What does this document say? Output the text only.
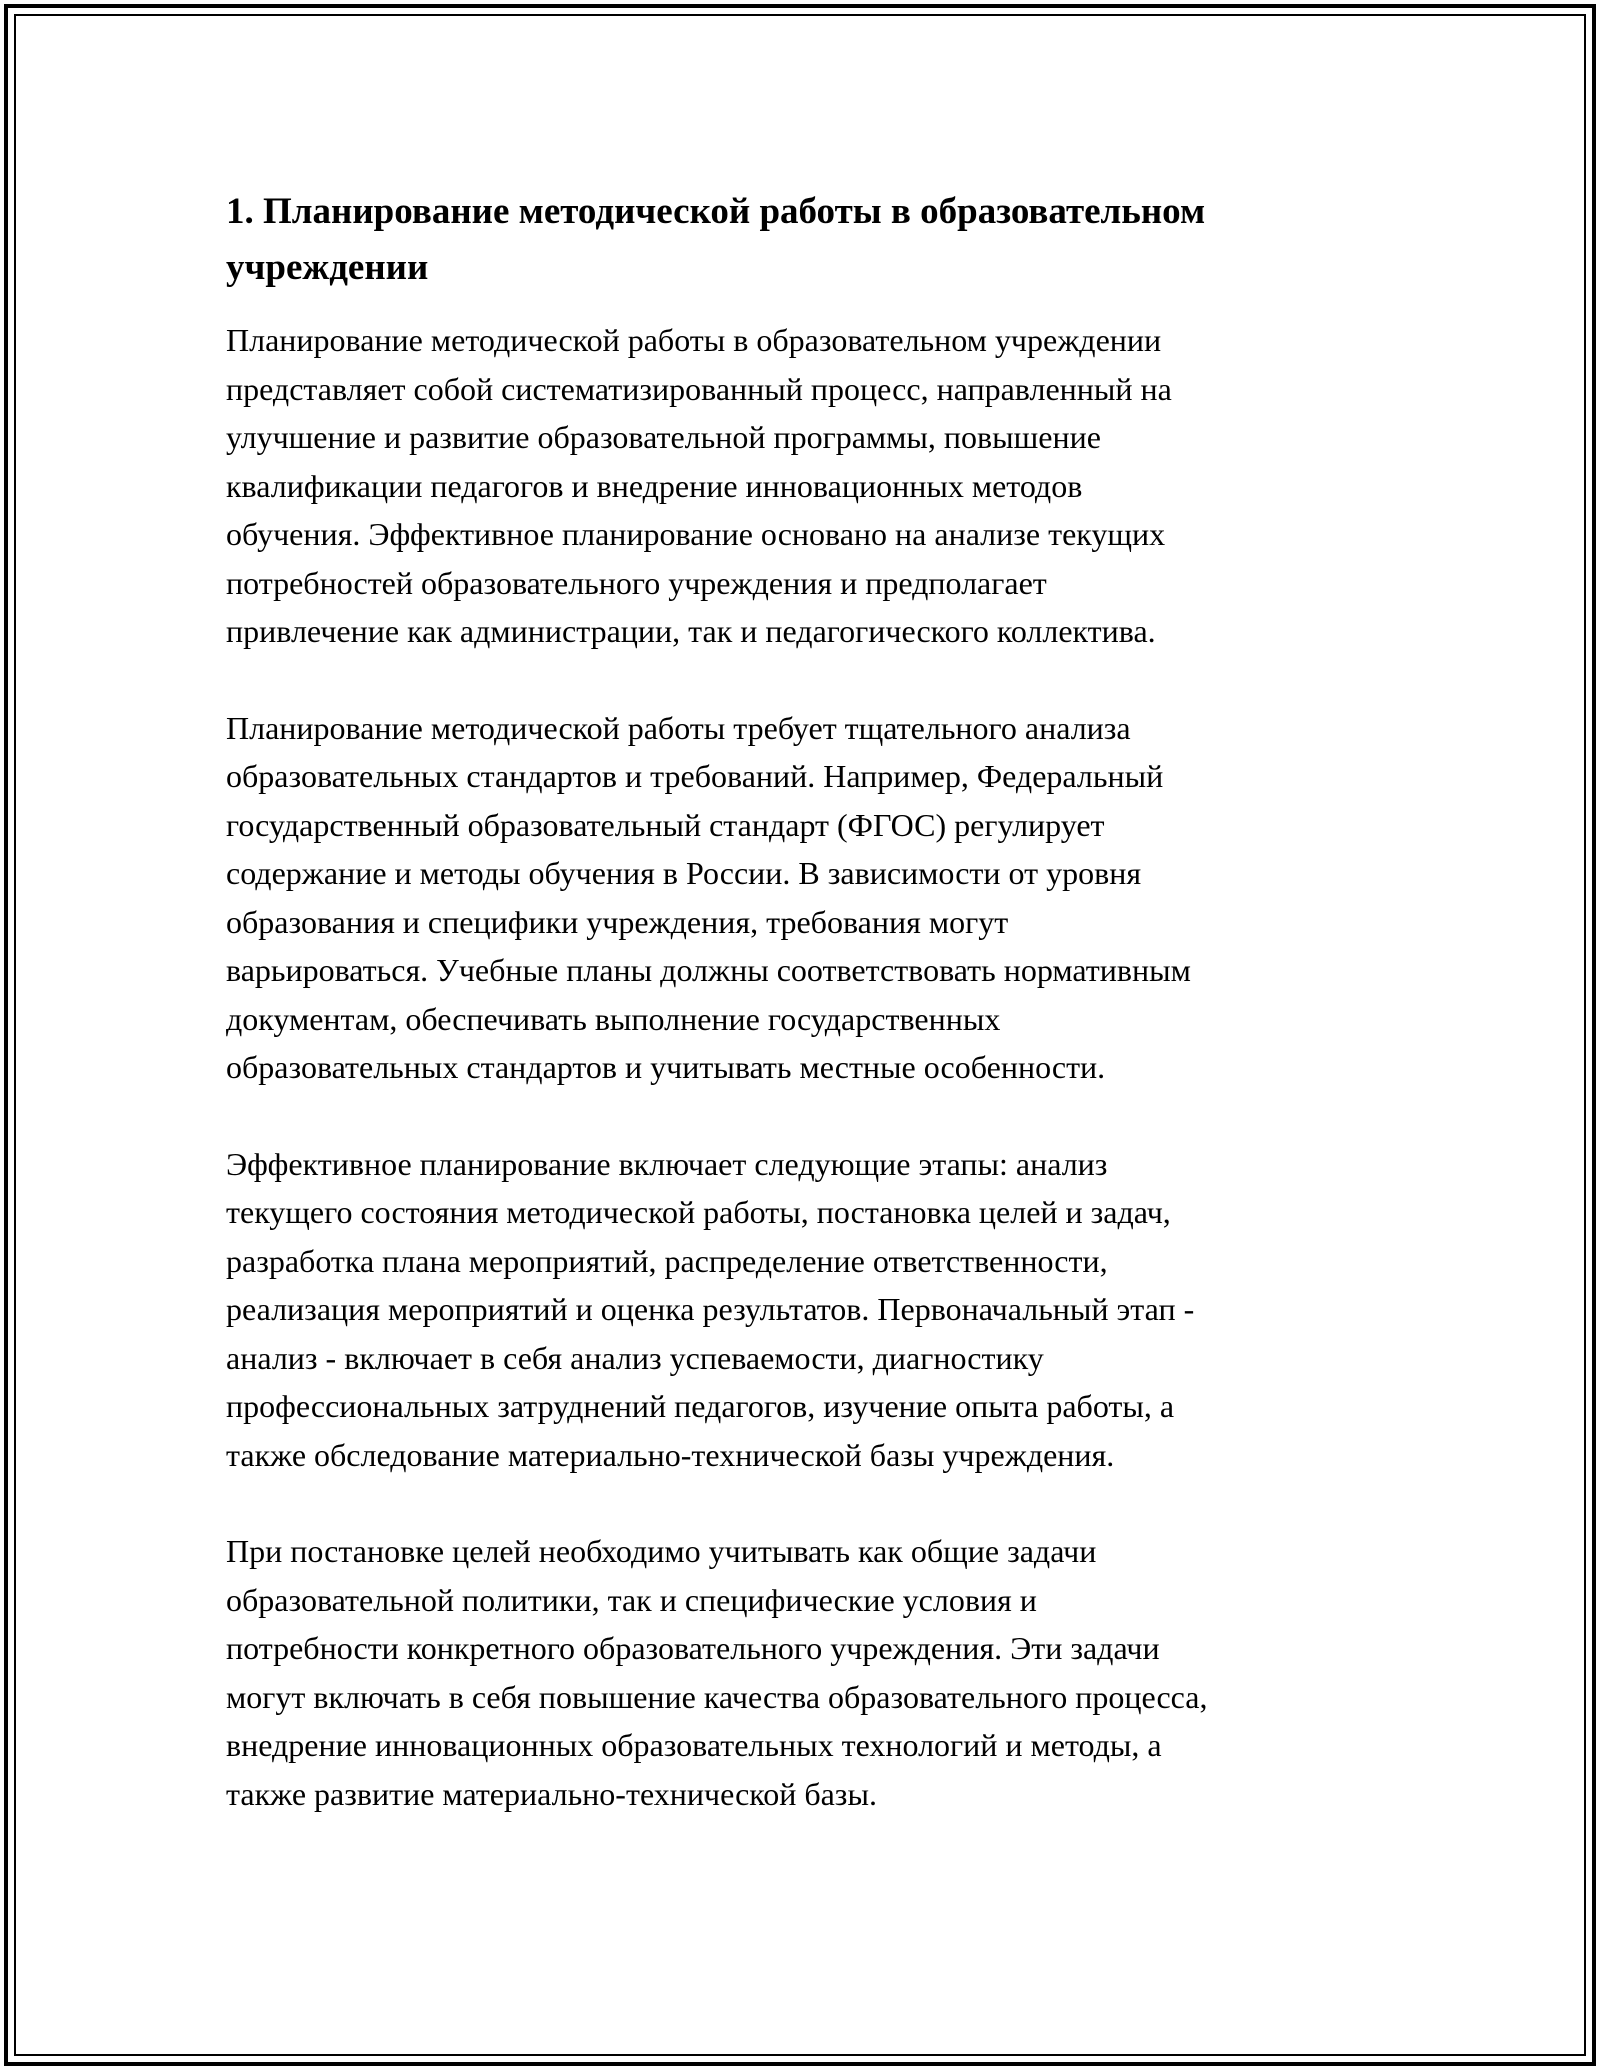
1. Планирование методической работы в образовательном
учреждении
Планирование методической работы в образовательном учреждении
представляет собой систематизированный процесс, направленный на
улучшение и развитие образовательной программы, повышение
квалификации педагогов и внедрение инновационных методов
обучения. Эффективное планирование основано на анализе текущих
потребностей образовательного учреждения и предполагает
привлечение как администрации, так и педагогического коллектива.
Планирование методической работы требует тщательного анализа
образовательных стандартов и требований. Например, Федеральный
государственный образовательный стандарт (ФГОС) регулирует
содержание и методы обучения в России. В зависимости от уровня
образования и специфики учреждения, требования могут
варьироваться. Учебные планы должны соответствовать нормативным
документам, обеспечивать выполнение государственных
образовательных стандартов и учитывать местные особенности.
Эффективное планирование включает следующие этапы: анализ
текущего состояния методической работы, постановка целей и задач,
разработка плана мероприятий, распределение ответственности,
реализация мероприятий и оценка результатов. Первоначальный этап -
анализ - включает в себя анализ успеваемости, диагностику
профессиональных затруднений педагогов, изучение опыта работы, а
также обследование материально-технической базы учреждения.
При постановке целей необходимо учитывать как общие задачи
образовательной политики, так и специфические условия и
потребности конкретного образовательного учреждения. Эти задачи
могут включать в себя повышение качества образовательного процесса,
внедрение инновационных образовательных технологий и методы, а
также развитие материально-технической базы.
